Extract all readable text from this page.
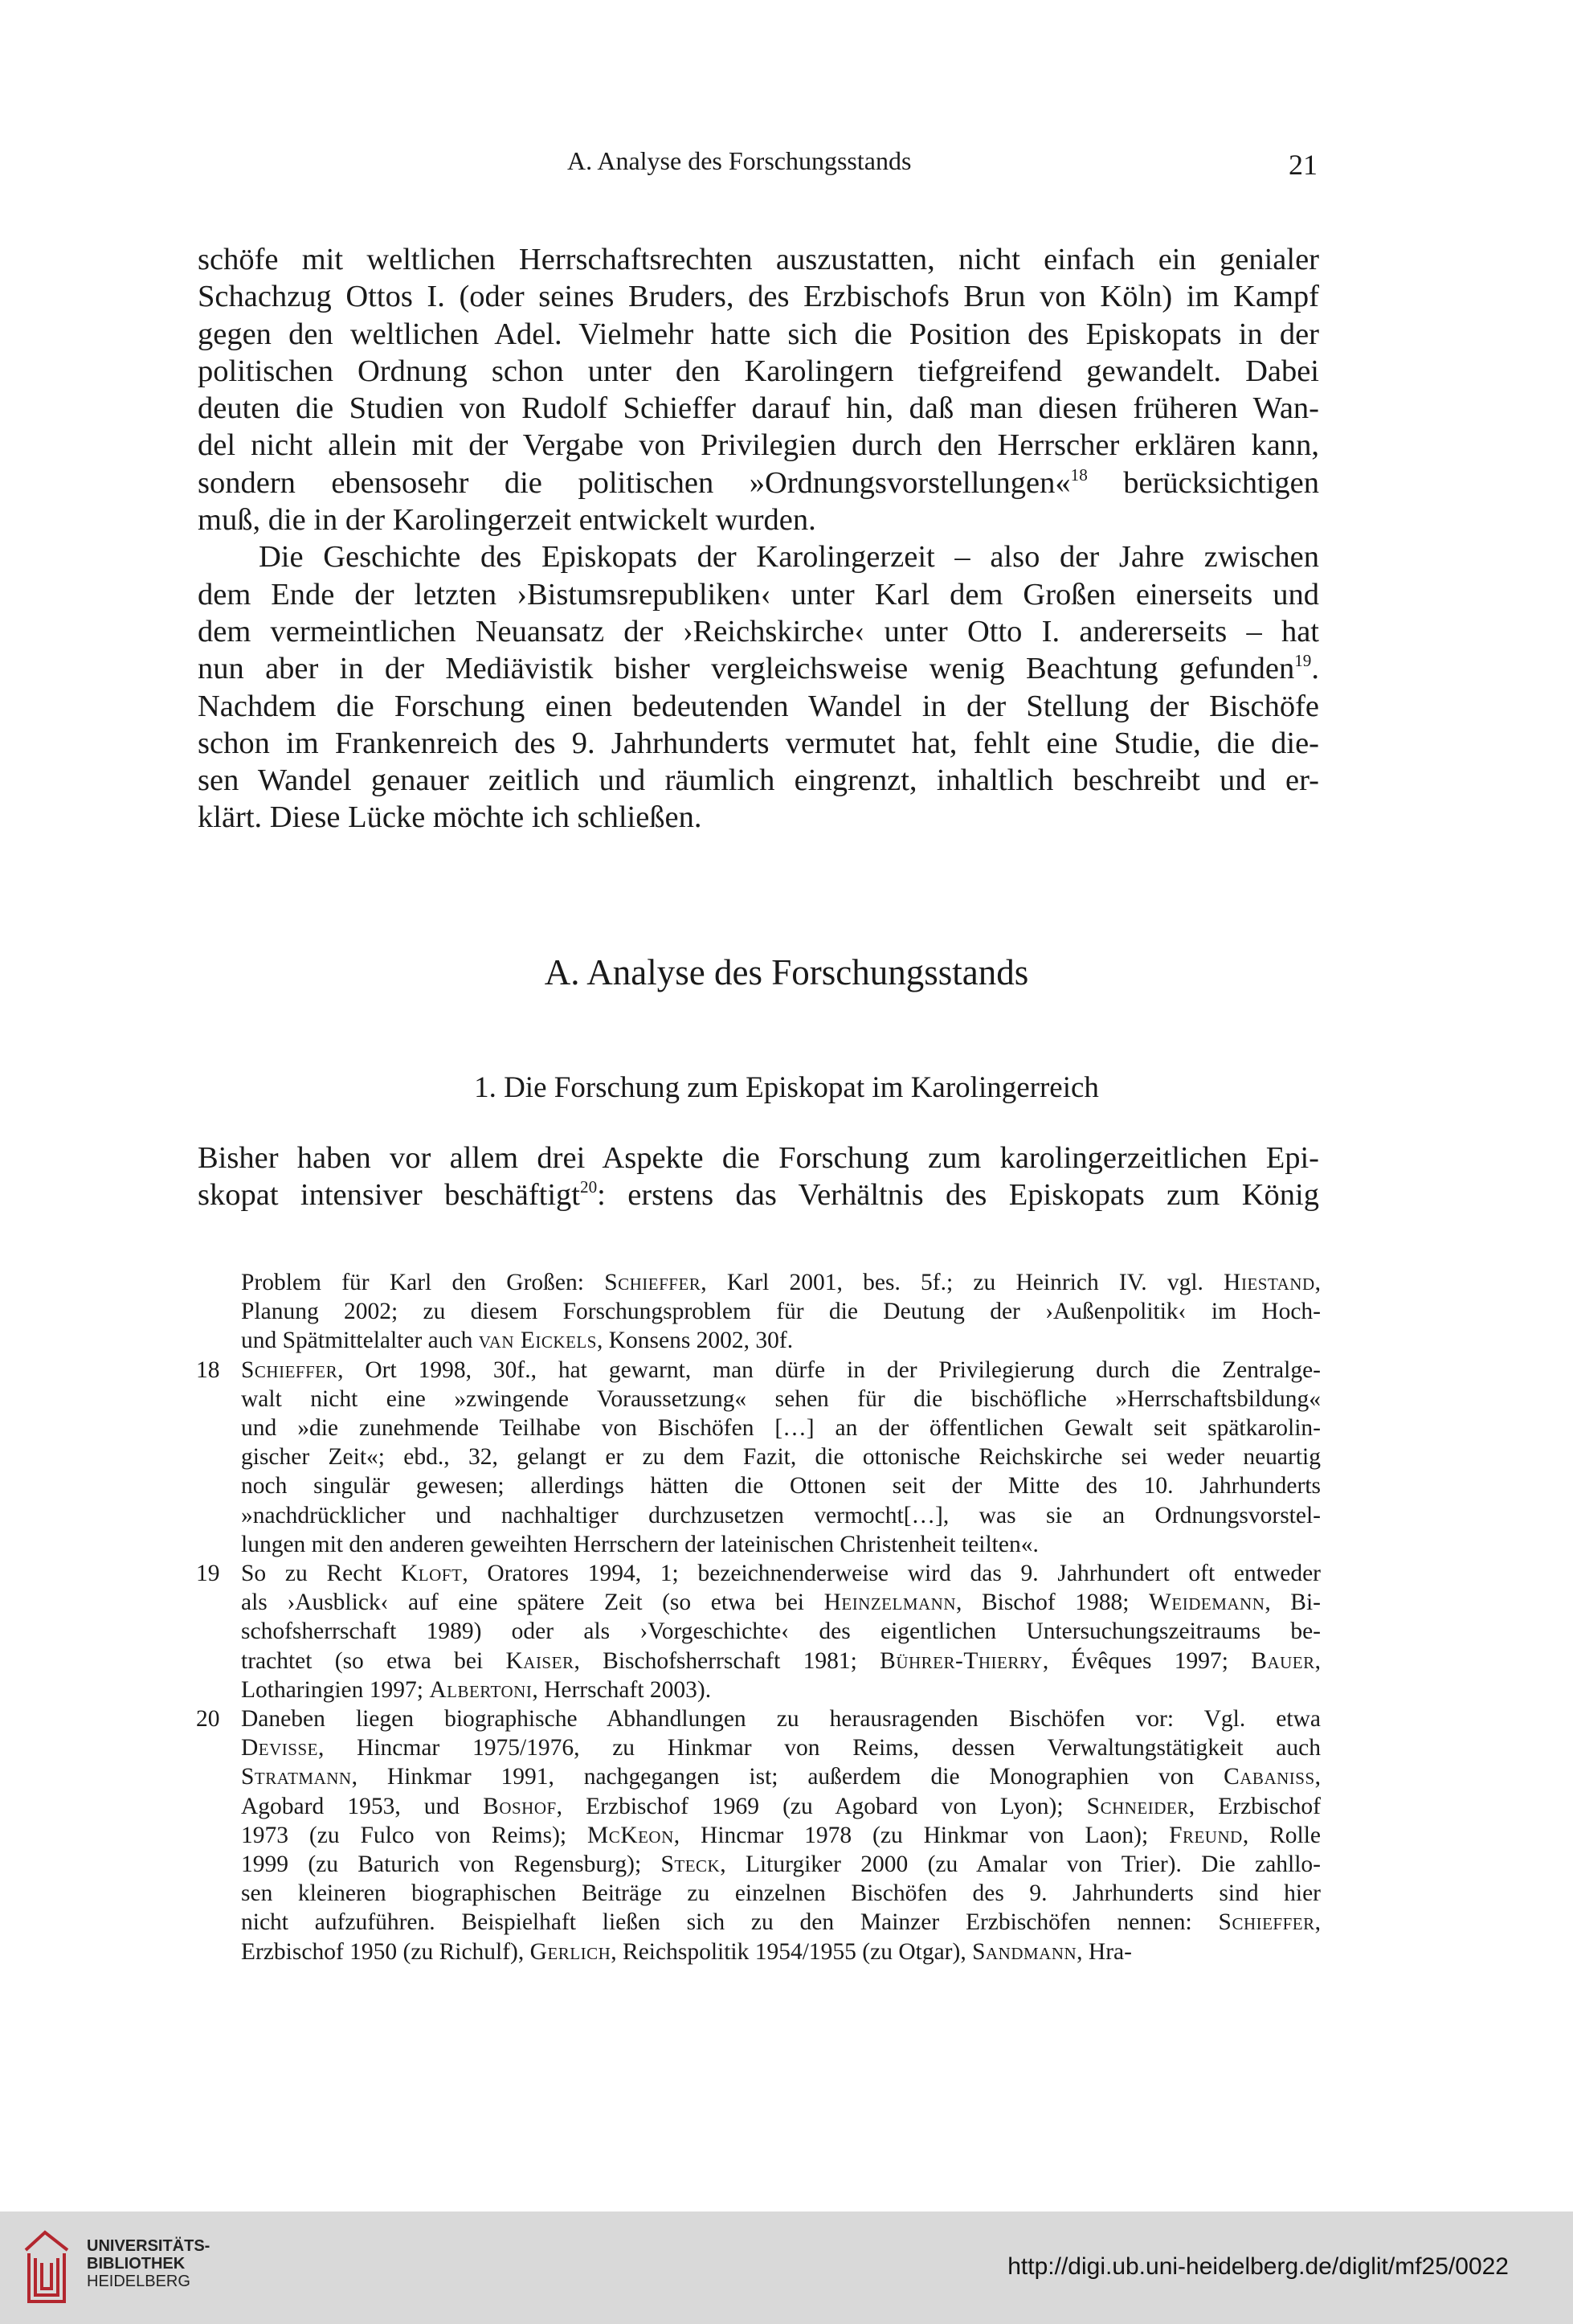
A. Analyse des Forschungsstands	21

schöfe mit weltlichen Herrschaftsrechten auszustatten, nicht einfach ein genialer
Schachzug Ottos I. (oder seines Bruders, des Erzbischofs Brun von Köln) im Kampf
gegen den weltlichen Adel. Vielmehr hatte sich die Position des Episkopats in der
politischen Ordnung schon unter den Karolingern tiefgreifend gewandelt. Dabei
deuten die Studien von Rudolf Schieffer darauf hin, daß man diesen früheren Wan-
del nicht allein mit der Vergabe von Privilegien durch den Herrscher erklären kann,
sondern ebensosehr die politischen »Ordnungsvorstellungen«$^{18}$ berücksichtigen
muß, die in der Karolingerzeit entwickelt wurden.

Die Geschichte des Episkopats der Karolingerzeit – also der Jahre zwischen
dem Ende der letzten ›Bistumsrepubliken‹ unter Karl dem Großen einerseits und
dem vermeintlichen Neuansatz der ›Reichskirche‹ unter Otto I. andererseits – hat
nun aber in der Mediävistik bisher vergleichsweise wenig Beachtung gefunden$^{19}$.
Nachdem die Forschung einen bedeutenden Wandel in der Stellung der Bischöfe
schon im Frankenreich des 9. Jahrhunderts vermutet hat, fehlt eine Studie, die die-
sen Wandel genauer zeitlich und räumlich eingrenzt, inhaltlich beschreibt und er-
klärt. Diese Lücke möchte ich schließen.

A. Analyse des Forschungsstands
1. Die Forschung zum Episkopat im Karolingerreich

Bisher haben vor allem drei Aspekte die Forschung zum karolingerzeitlichen Epi-
skopat intensiver beschäftigt$^{20}$: erstens das Verhältnis des Episkopats zum König

Problem für Karl den Großen: Schieffer, Karl 2001, bes. 5f.; zu Heinrich IV. vgl. Hiestand,
Planung 2002; zu diesem Forschungsproblem für die Deutung der ›Außenpolitik‹ im Hoch-
und Spätmittelalter auch van Eickels, Konsens 2002, 30f.
18 Schieffer, Ort 1998, 30f., hat gewarnt, man dürfe in der Privilegierung durch die Zentralge-
walt nicht eine »zwingende Voraussetzung« sehen für die bischöfliche »Herrschaftsbildung«
und »die zunehmende Teilhabe von Bischöfen […] an der öffentlichen Gewalt seit spätkarolin-
gischer Zeit«; ebd., 32, gelangt er zu dem Fazit, die ottonische Reichskirche sei weder neuartig
noch singulär gewesen; allerdings hätten die Ottonen seit der Mitte des 10. Jahrhunderts
»nachdrücklicher und nachhaltiger durchzusetzen vermocht[…], was sie an Ordnungsvorstel-
lungen mit den anderen geweihten Herrschern der lateinischen Christenheit teilten«.
19 So zu Recht Kloft, Oratores 1994, 1; bezeichnenderweise wird das 9. Jahrhundert oft entweder
als ›Ausblick‹ auf eine spätere Zeit (so etwa bei Heinzelmann, Bischof 1988; Weidemann, Bi-
schofsherrschaft 1989) oder als ›Vorgeschichte‹ des eigentlichen Untersuchungszeitraums be-
trachtet (so etwa bei Kaiser, Bischofsherrschaft 1981; Bührer-Thierry, Évêques 1997; Bauer,
Lotharingien 1997; Albertoni, Herrschaft 2003).
20 Daneben liegen biographische Abhandlungen zu herausragenden Bischöfen vor: Vgl. etwa
Devisse, Hincmar 1975/1976, zu Hinkmar von Reims, dessen Verwaltungstätigkeit auch
Stratmann, Hinkmar 1991, nachgegangen ist; außerdem die Monographien von Cabaniss,
Agobard 1953, und Boshof, Erzbischof 1969 (zu Agobard von Lyon); Schneider, Erzbischof
1973 (zu Fulco von Reims); McKeon, Hincmar 1978 (zu Hinkmar von Laon); Freund, Rolle
1999 (zu Baturich von Regensburg); Steck, Liturgiker 2000 (zu Amalar von Trier). Die zahllo-
sen kleineren biographischen Beiträge zu einzelnen Bischöfen des 9. Jahrhunderts sind hier
nicht aufzuführen. Beispielhaft ließen sich zu den Mainzer Erzbischöfen nennen: Schieffer,
Erzbischof 1950 (zu Richulf), Gerlich, Reichspolitik 1954/1955 (zu Otgar), Sandmann, Hra-
UNIVERSITÄTS-
BIBLIOTHEK
HEIDELBERG
http://digi.ub.uni-heidelberg.de/diglit/mf25/0022
